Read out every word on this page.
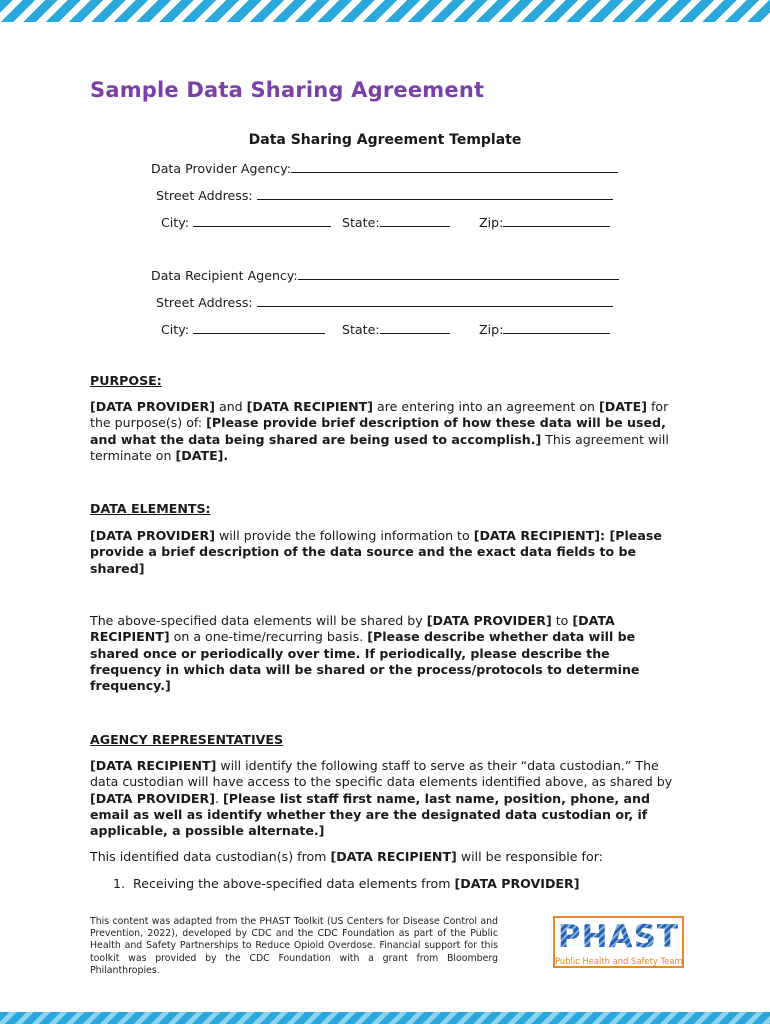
Sample Data Sharing Agreement
Data Sharing Agreement Template
Data Provider Agency:
Street Address:
City:	State:	Zip:
Data Recipient Agency:
Street Address:
City:	State:	Zip:
PURPOSE:
[DATA PROVIDER] and [DATA RECIPIENT] are entering into an agreement on [DATE] for the purpose(s) of: [Please provide brief description of how these data will be used, and what the data being shared are being used to accomplish.] This agreement will terminate on [DATE].
DATA ELEMENTS:
[DATA PROVIDER] will provide the following information to [DATA RECIPIENT]: [Please provide a brief description of the data source and the exact data fields to be shared]
The above-specified data elements will be shared by [DATA PROVIDER] to [DATA RECIPIENT] on a one-time/recurring basis. [Please describe whether data will be shared once or periodically over time. If periodically, please describe the frequency in which data will be shared or the process/protocols to determine frequency.]
AGENCY REPRESENTATIVES
[DATA RECIPIENT] will identify the following staff to serve as their “data custodian.” The data custodian will have access to the specific data elements identified above, as shared by [DATA PROVIDER]. [Please list staff first name, last name, position, phone, and email as well as identify whether they are the designated data custodian or, if applicable, a possible alternate.]
This identified data custodian(s) from [DATA RECIPIENT] will be responsible for:
1. Receiving the above-specified data elements from [DATA PROVIDER]
This content was adapted from the PHAST Toolkit (US Centers for Disease Control and Prevention, 2022), developed by CDC and the CDC Foundation as part of the Public Health and Safety Partnerships to Reduce Opioid Overdose. Financial support for this toolkit was provided by the CDC Foundation with a grant from Bloomberg Philanthropies.
PHAST
Public Health and Safety Team
